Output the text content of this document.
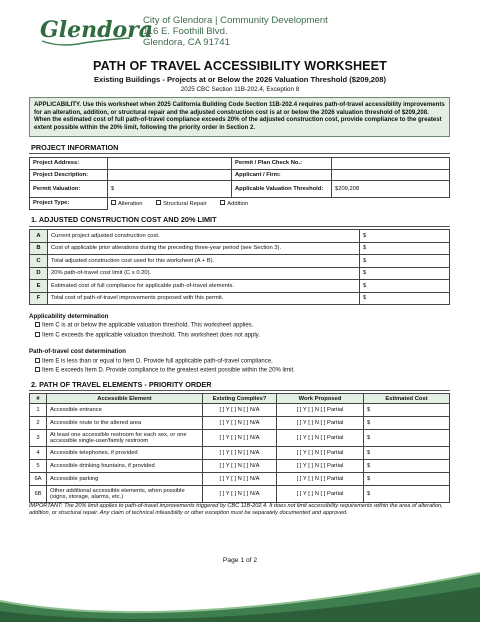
Glendora
City of Glendora | Community Development
116 E. Foothill Blvd.
Glendora, CA 91741
PATH OF TRAVEL ACCESSIBILITY WORKSHEET
Existing Buildings - Projects at or Below the 2026 Valuation Threshold ($209,208)
2025 CBC Section 11B-202.4, Exception 8
APPLICABILITY. Use this worksheet when 2025 California Building Code Section 11B-202.4 requires path-of-travel accessibility improvements for an alteration, addition, or structural repair and the adjusted construction cost is at or below the 2026 valuation threshold of $209,208. When the estimated cost of full path-of-travel compliance exceeds 20% of the adjusted construction cost, provide compliance to the greatest extent possible within the 20% limit, following the priority order in Section 2.
PROJECT INFORMATION
Project Address:		Permit / Plan Check No.:	
Project Description:		Applicant / Firm:	
Permit Valuation:	$	Applicable Valuation Threshold:	$209,208
Project Type:	Alteration Structural Repair Addition		
1. ADJUSTED CONSTRUCTION COST AND 20% LIMIT
A	Current project adjusted construction cost.	$
B	Cost of applicable prior alterations during the preceding three-year period (see Section 3).	$
C	Total adjusted construction cost used for this worksheet (A + B).	$
D	20% path-of-travel cost limit (C x 0.20).	$
E	Estimated cost of full compliance for applicable path-of-travel elements.	$
F	Total cost of path-of-travel improvements proposed with this permit.	$
Applicability determination
Item C is at or below the applicable valuation threshold. This worksheet applies.
Item C exceeds the applicable valuation threshold. This worksheet does not apply.
Path-of-travel cost determination
Item E is less than or equal to Item D. Provide full applicable path-of-travel compliance.
Item E exceeds Item D. Provide compliance to the greatest extent possible within the 20% limit.
2. PATH OF TRAVEL ELEMENTS - PRIORITY ORDER
#	Accessible Element	Existing Complies?	Work Proposed	Estimated Cost
1	Accessible entrance	[ ] Y [ ] N [ ] N/A	[ ] Y [ ] N [ ] Partial	$
2	Accessible route to the altered area	[ ] Y [ ] N [ ] N/A	[ ] Y [ ] N [ ] Partial	$
3	At least one accessible restroom for each sex, or one accessible single-user/family restroom	[ ] Y [ ] N [ ] N/A	[ ] Y [ ] N [ ] Partial	$
4	Accessible telephones, if provided	[ ] Y [ ] N [ ] N/A	[ ] Y [ ] N [ ] Partial	$
5	Accessible drinking fountains, if provided	[ ] Y [ ] N [ ] N/A	[ ] Y [ ] N [ ] Partial	$
6A	Accessible parking	[ ] Y [ ] N [ ] N/A	[ ] Y [ ] N [ ] Partial	$
6B	Other additional accessible elements, when possible (signs, storage, alarms, etc.)	[ ] Y [ ] N [ ] N/A	[ ] Y [ ] N [ ] Partial	$
IMPORTANT: The 20% limit applies to path-of-travel improvements triggered by CBC 11B-202.4. It does not limit accessibility requirements within the area of alteration, addition, or structural repair. Any claim of technical infeasibility or other exception must be separately documented and approved.
Page 1 of 2
